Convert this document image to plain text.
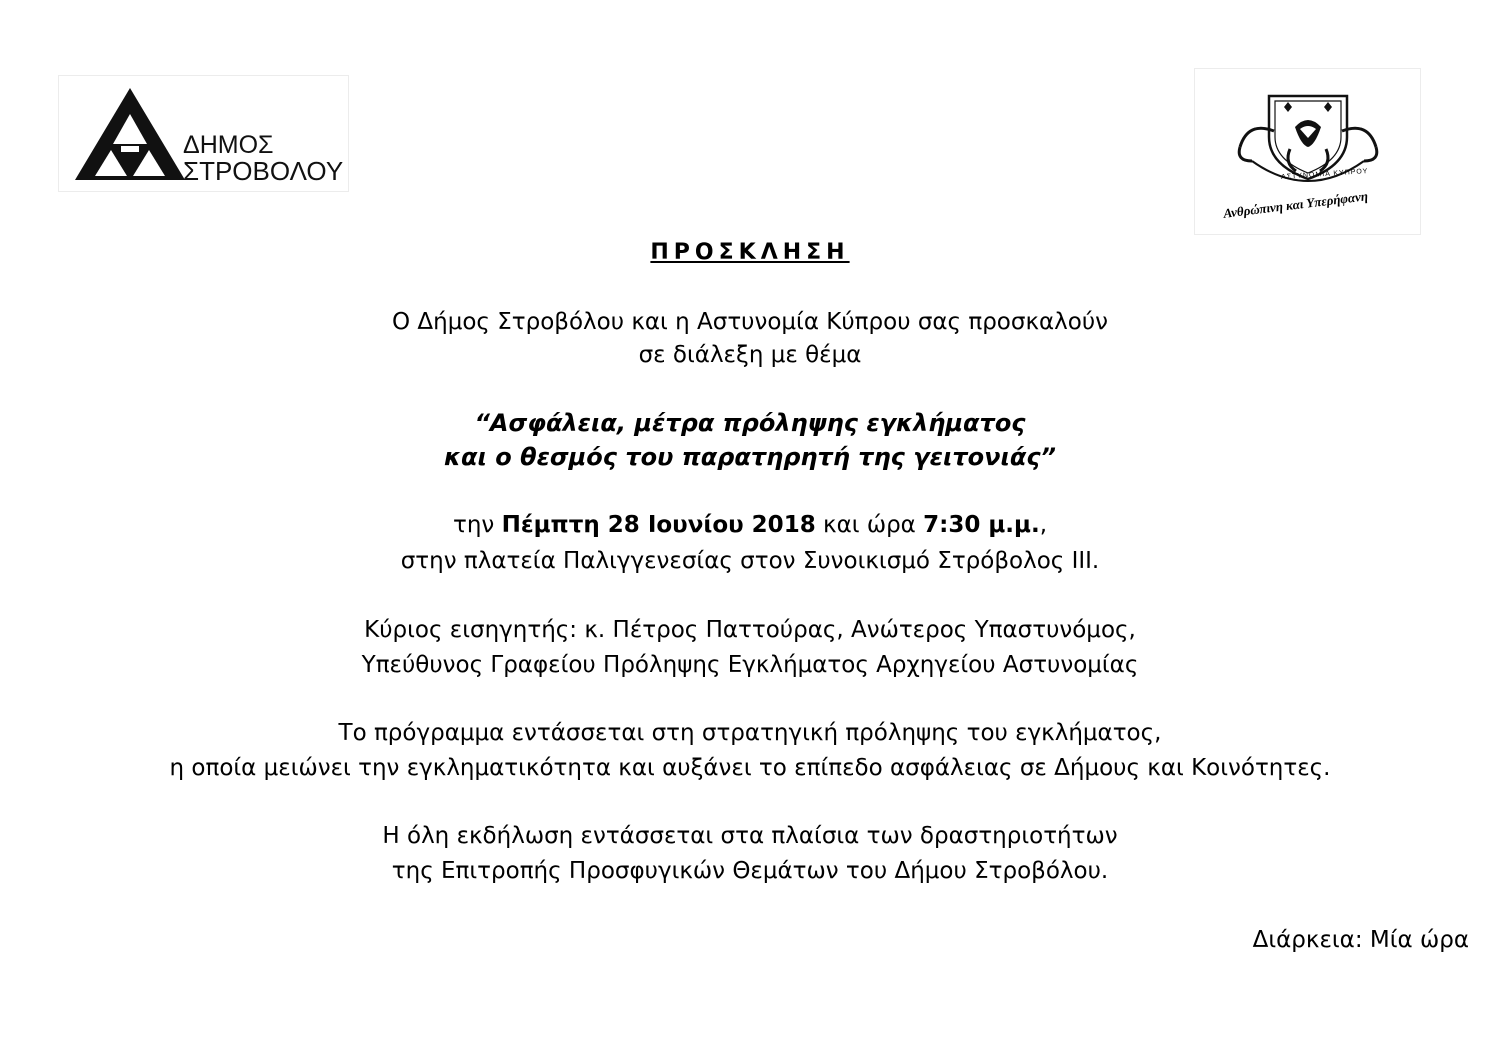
ΔΗΜΟΣ
ΣΤΡΟΒΟΛΟΥ	ΑΣΤΥΝΟΜΙΑ ΚΥΠΡΟΥ
Ανθρώπινη και Υπερήφανη
ΠΡΟΣΚΛΗΣΗ
Ο Δήμος Στροβόλου και η Αστυνομία Κύπρου σας προσκαλούν
σε διάλεξη με θέμα
“Ασφάλεια, μέτρα πρόληψης εγκλήματος
και ο θεσμός του παρατηρητή της γειτονιάς”
την Πέμπτη 28 Ιουνίου 2018 και ώρα 7:30 μ.μ.,
στην πλατεία Παλιγγενεσίας στον Συνοικισμό Στρόβολος ΙΙΙ.
Κύριος εισηγητής: κ. Πέτρος Παττούρας, Ανώτερος Υπαστυνόμος,
Υπεύθυνος Γραφείου Πρόληψης Εγκλήματος Αρχηγείου Αστυνομίας
Το πρόγραμμα εντάσσεται στη στρατηγική πρόληψης του εγκλήματος,
η οποία μειώνει την εγκληματικότητα και αυξάνει το επίπεδο ασφάλειας σε Δήμους και Κοινότητες.
Η όλη εκδήλωση εντάσσεται στα πλαίσια των δραστηριοτήτων
της Επιτροπής Προσφυγικών Θεμάτων του Δήμου Στροβόλου.
Διάρκεια: Μία ώρα
